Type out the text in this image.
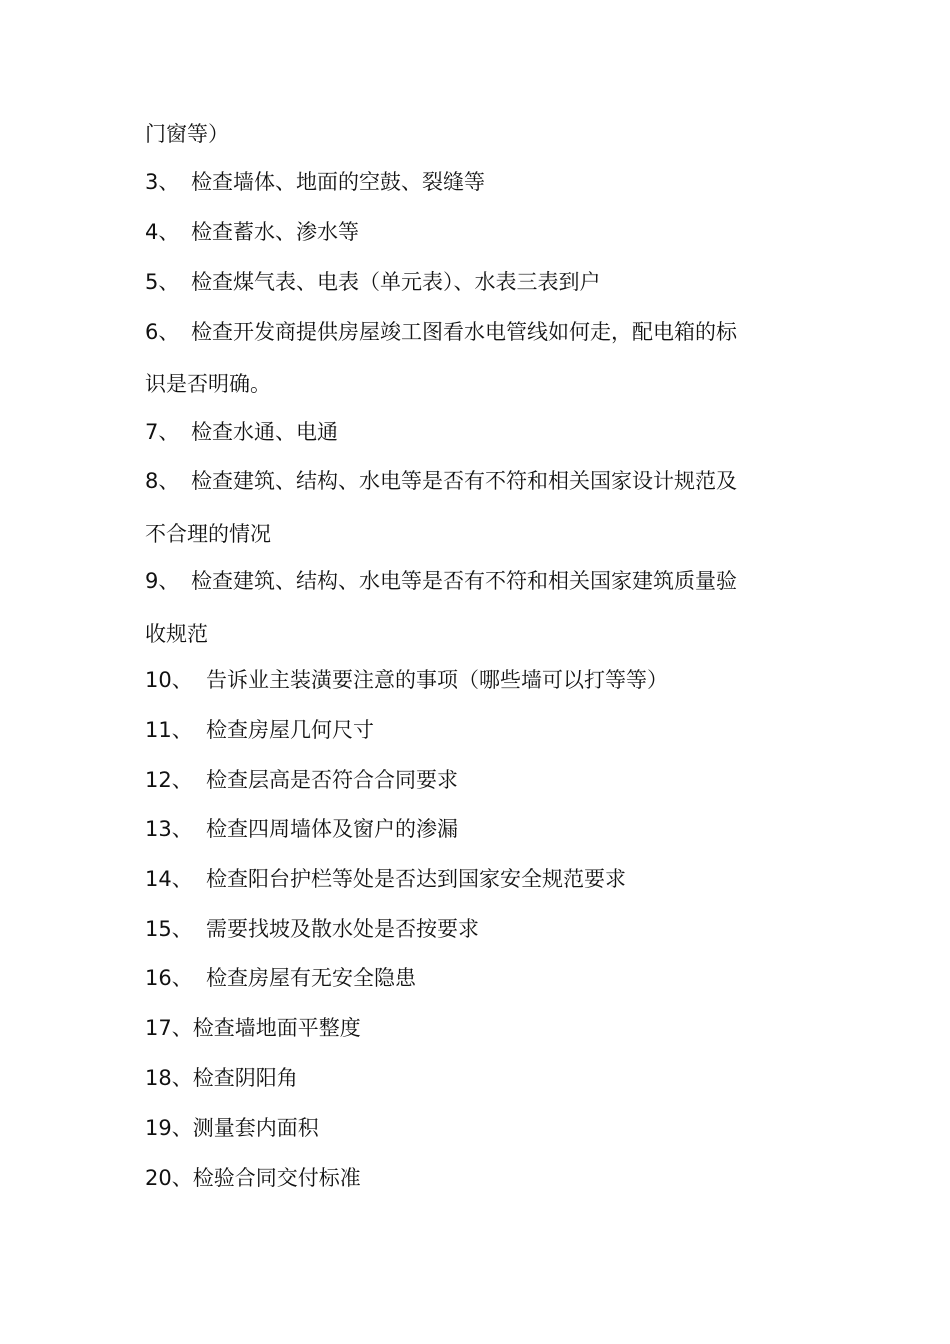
门窗等）
3、 检查墙体、地面的空鼓、裂缝等
4、 检查蓄水、渗水等
5、 检查煤气表、电表（单元表）、水表三表到户
6、 检查开发商提供房屋竣工图看水电管线如何走，配电箱的标
识是否明确。
7、 检查水通、电通
8、 检查建筑、结构、水电等是否有不符和相关国家设计规范及
不合理的情况
9、 检查建筑、结构、水电等是否有不符和相关国家建筑质量验
收规范
10、 告诉业主装潢要注意的事项（哪些墙可以打等等）
11、 检查房屋几何尺寸
12、 检查层高是否符合合同要求
13、 检查四周墙体及窗户的渗漏
14、 检查阳台护栏等处是否达到国家安全规范要求
15、 需要找坡及散水处是否按要求
16、 检查房屋有无安全隐患
17、检查墙地面平整度
18、检查阴阳角
19、测量套内面积
20、检验合同交付标准
